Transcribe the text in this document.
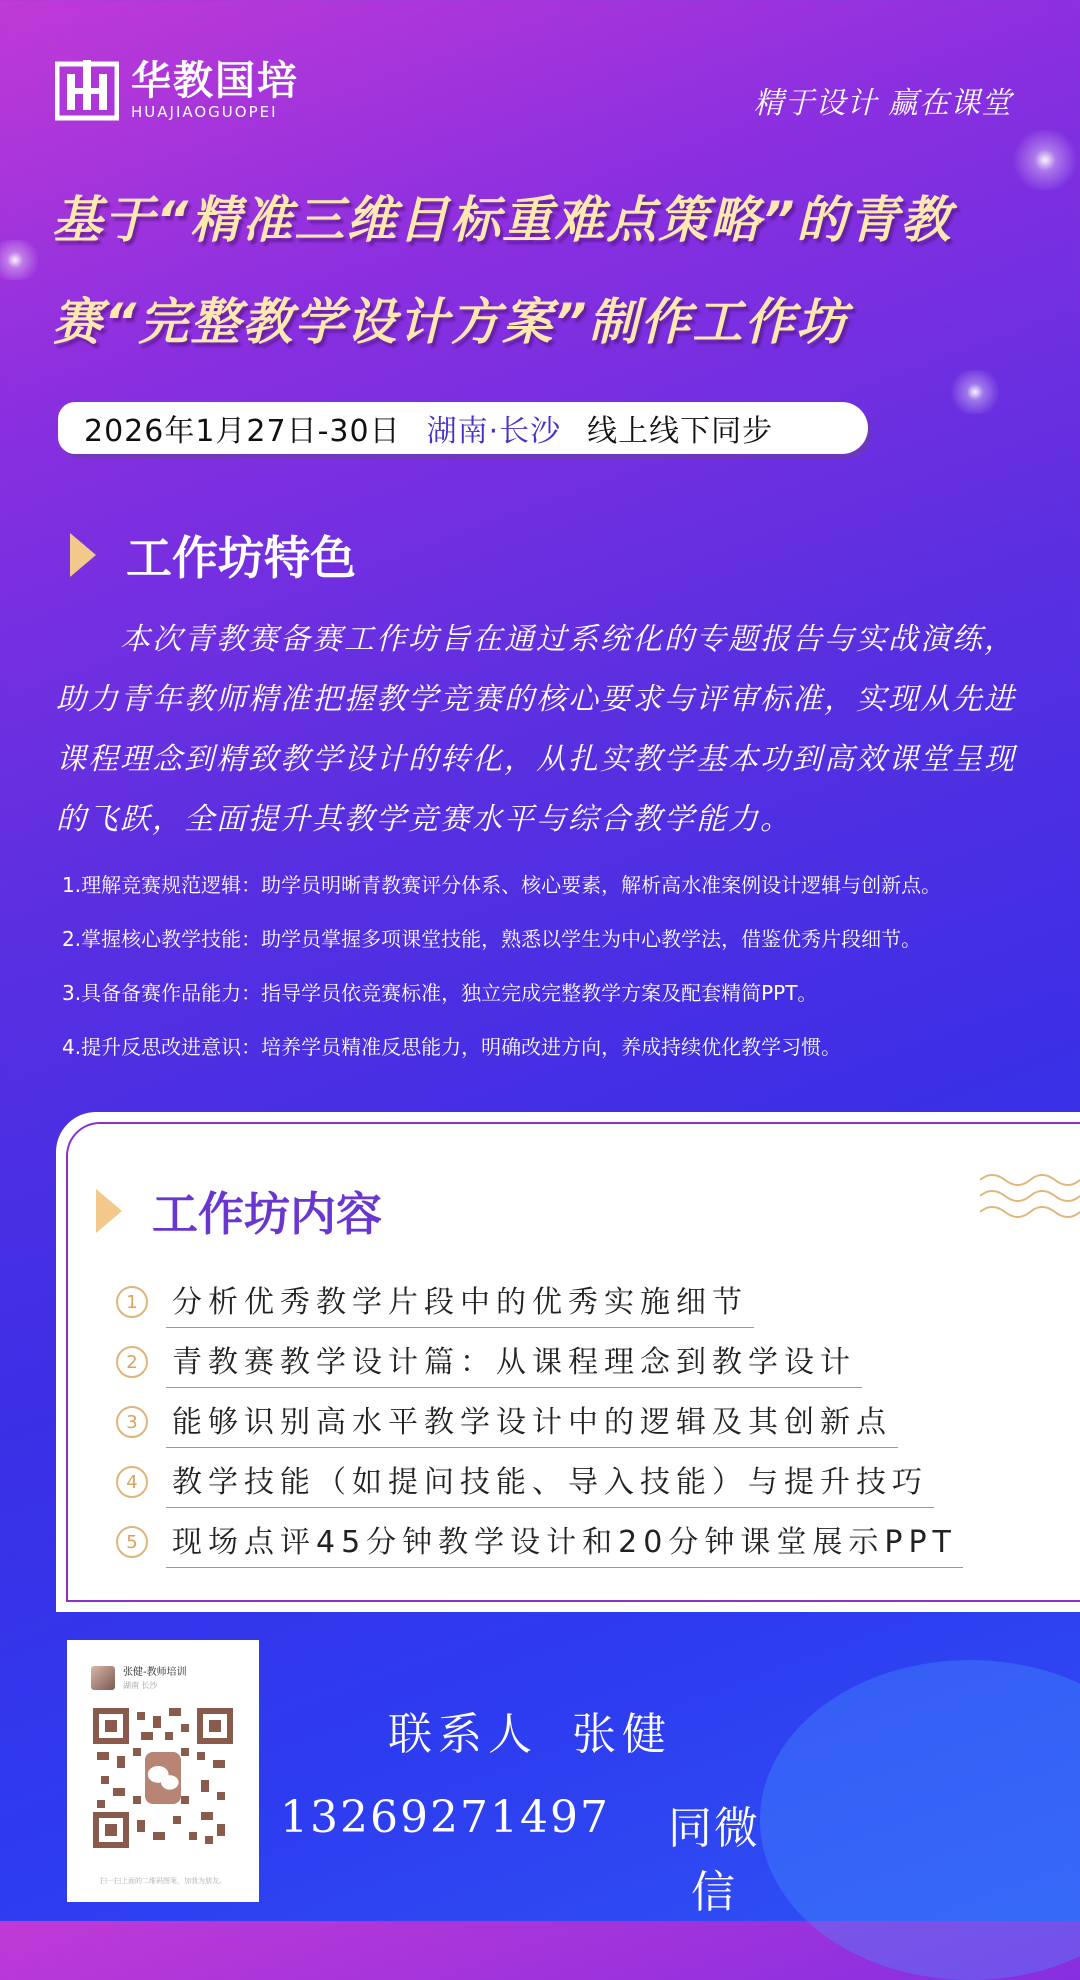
华教国培
HUAJIAOGUOPEI	精于设计 赢在课堂
基于“精准三维目标重难点策略”的青教
赛“完整教学设计方案”制作工作坊
2026年1月27日-30日 湖南·长沙 线上线下同步
工作坊特色

本次青教赛备赛工作坊旨在通过系统化的专题报告与实战演练，助力青年教师精准把握教学竞赛的核心要求与评审标准，实现从先进课程理念到精致教学设计的转化，从扎实教学基本功到高效课堂呈现的飞跃，全面提升其教学竞赛水平与综合教学能力。

1.理解竞赛规范逻辑：助学员明晰青教赛评分体系、核心要素，解析高水准案例设计逻辑与创新点。
2.掌握核心教学技能：助学员掌握多项课堂技能，熟悉以学生为中心教学法，借鉴优秀片段细节。
3.具备备赛作品能力：指导学员依竞赛标准，独立完成完整教学方案及配套精简PPT。
4.提升反思改进意识：培养学员精准反思能力，明确改进方向，养成持续优化教学习惯。
工作坊内容
1	分析优秀教学片段中的优秀实施细节
2	青教赛教学设计篇：从课程理念到教学设计
3	能够识别高水平教学设计中的逻辑及其创新点
4	教学技能（如提问技能、导入技能）与提升技巧
5	现场点评45分钟教学设计和20分钟课堂展示PPT
张健-教师培训
湖南 长沙
扫一扫上面的二维码图案，加我为朋友。
联系人 张健
13269271497	同微信
